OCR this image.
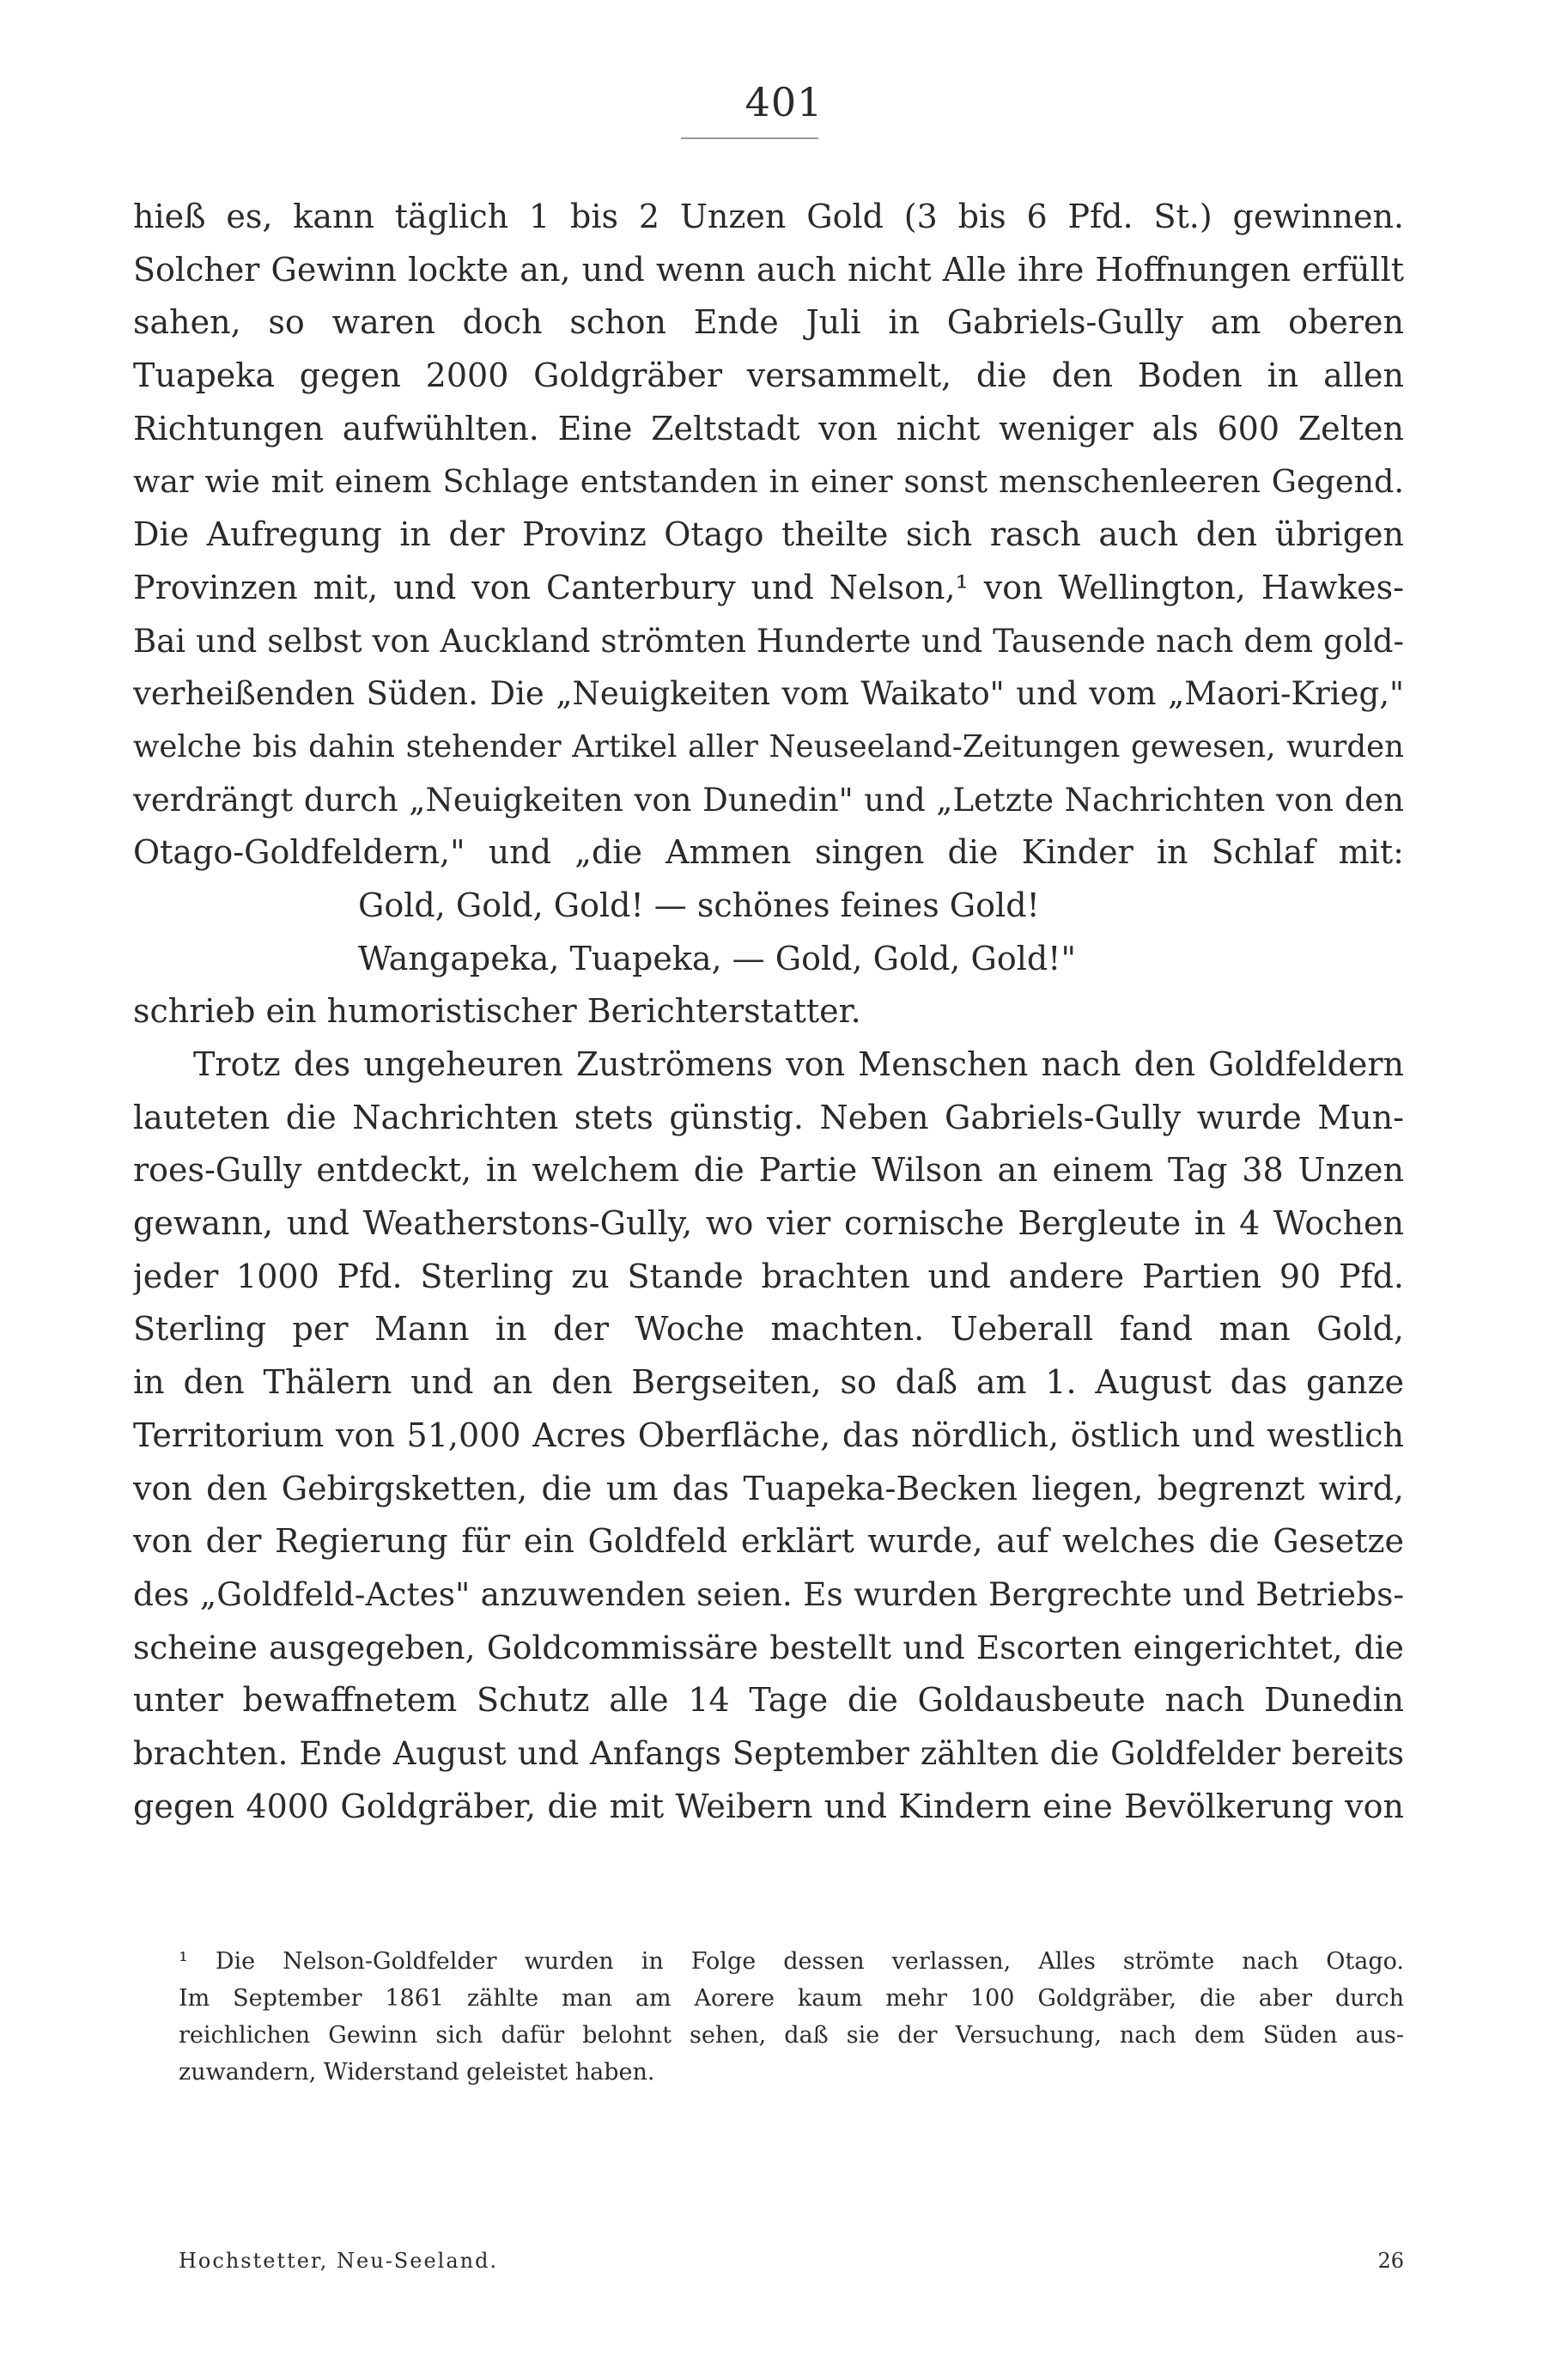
401
hieß es, kann täglich 1 bis 2 Unzen Gold (3 bis 6 Pfd. St.) gewinnen.
Solcher Gewinn lockte an, und wenn auch nicht Alle ihre Hoffnungen erfüllt
sahen, so waren doch schon Ende Juli in Gabriels-Gully am oberen
Tuapeka gegen 2000 Goldgräber versammelt, die den Boden in allen
Richtungen aufwühlten. Eine Zeltstadt von nicht weniger als 600 Zelten
war wie mit einem Schlage entstanden in einer sonst menschenleeren Gegend.
Die Aufregung in der Provinz Otago theilte sich rasch auch den übrigen
Provinzen mit, und von Canterbury und Nelson,¹ von Wellington, Hawkes-
Bai und selbst von Auckland strömten Hunderte und Tausende nach dem gold-
verheißenden Süden. Die „Neuigkeiten vom Waikato" und vom „Maori-Krieg,"
welche bis dahin stehender Artikel aller Neuseeland-Zeitungen gewesen, wurden
verdrängt durch „Neuigkeiten von Dunedin" und „Letzte Nachrichten von den
Otago-Goldfeldern," und „die Ammen singen die Kinder in Schlaf mit:
Gold, Gold, Gold! — schönes feines Gold!
Wangapeka, Tuapeka, — Gold, Gold, Gold!"
schrieb ein humoristischer Berichterstatter.
Trotz des ungeheuren Zuströmens von Menschen nach den Goldfeldern
lauteten die Nachrichten stets günstig. Neben Gabriels-Gully wurde Mun-
roes-Gully entdeckt, in welchem die Partie Wilson an einem Tag 38 Unzen
gewann, und Weatherstons-Gully, wo vier cornische Bergleute in 4 Wochen
jeder 1000 Pfd. Sterling zu Stande brachten und andere Partien 90 Pfd.
Sterling per Mann in der Woche machten. Ueberall fand man Gold,
in den Thälern und an den Bergseiten, so daß am 1. August das ganze
Territorium von 51,000 Acres Oberfläche, das nördlich, östlich und westlich
von den Gebirgsketten, die um das Tuapeka-Becken liegen, begrenzt wird,
von der Regierung für ein Goldfeld erklärt wurde, auf welches die Gesetze
des „Goldfeld-Actes" anzuwenden seien. Es wurden Bergrechte und Betriebs-
scheine ausgegeben, Goldcommissäre bestellt und Escorten eingerichtet, die
unter bewaffnetem Schutz alle 14 Tage die Goldausbeute nach Dunedin
brachten. Ende August und Anfangs September zählten die Goldfelder bereits
gegen 4000 Goldgräber, die mit Weibern und Kindern eine Bevölkerung von
¹ Die Nelson-Goldfelder wurden in Folge dessen verlassen, Alles strömte nach Otago.
Im September 1861 zählte man am Aorere kaum mehr 100 Goldgräber, die aber durch
reichlichen Gewinn sich dafür belohnt sehen, daß sie der Versuchung, nach dem Süden aus-
zuwandern, Widerstand geleistet haben.
Hochstetter, Neu-Seeland.	26
